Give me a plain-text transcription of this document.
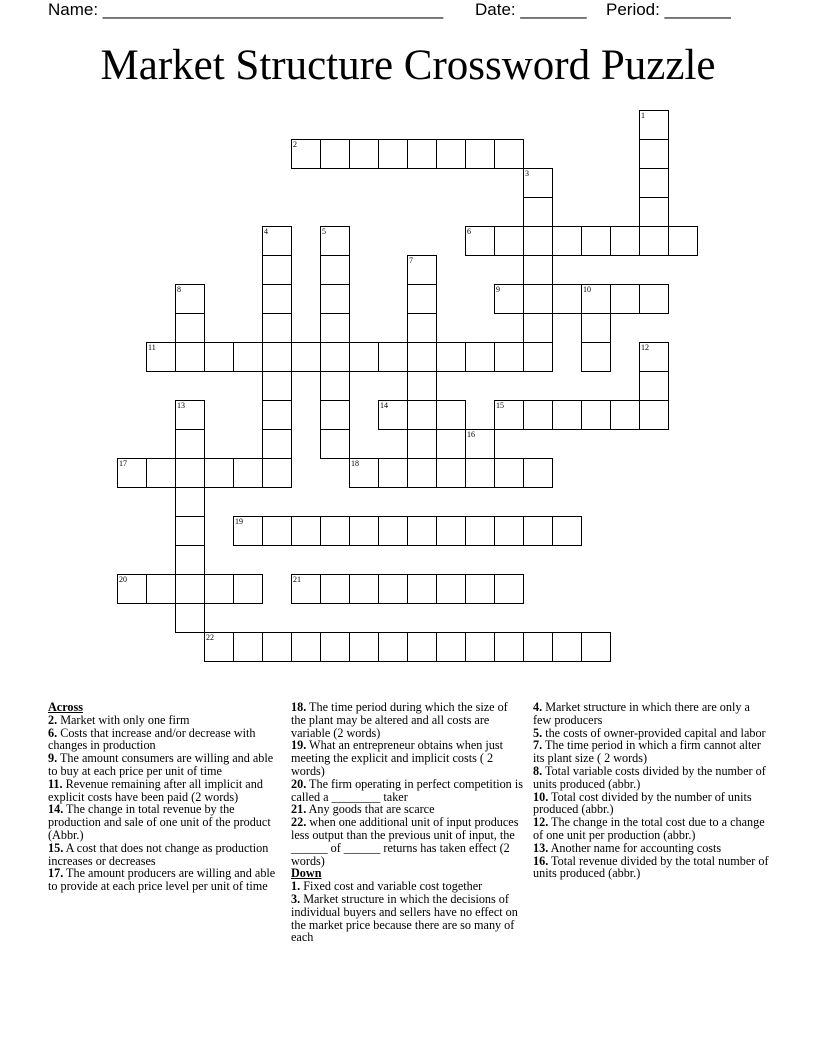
Name: ____________________________________ Date: _______ Period: _______
Market Structure Crossword Puzzle
1
2
3
4	5	6
7
8	9	10
11	12
13	14	15
16
17	18
19
20	21
22

Across

2. Market with only one firm

6. Costs that increase and/or decrease with changes in production

9. The amount consumers are willing and able to buy at each price per unit of time

11. Revenue remaining after all implicit and explicit costs have been paid (2 words)

14. The change in total revenue by the production and sale of one unit of the product (Abbr.)

15. A cost that does not change as production increases or decreases

17. The amount producers are willing and able to provide at each price level per unit of time

18. The time period during which the size of the plant may be altered and all costs are variable (2 words)

19. What an entrepreneur obtains when just meeting the explicit and implicit costs ( 2 words)

20. The firm operating in perfect competition is called a ________ taker

21. Any goods that are scarce

22. when one additional unit of input produces less output than the previous unit of input, the ______ of ______ returns has taken effect (2 words)

Down

1. Fixed cost and variable cost together

3. Market structure in which the decisions of individual buyers and sellers have no effect on the market price because there are so many of each

4. Market structure in which there are only a few producers

5. the costs of owner-provided capital and labor

7. The time period in which a firm cannot alter its plant size ( 2 words)

8. Total variable costs divided by the number of units produced (abbr.)

10. Total cost divided by the number of units produced (abbr.)

12. The change in the total cost due to a change of one unit per production (abbr.)

13. Another name for accounting costs

16. Total revenue divided by the total number of units produced (abbr.)
